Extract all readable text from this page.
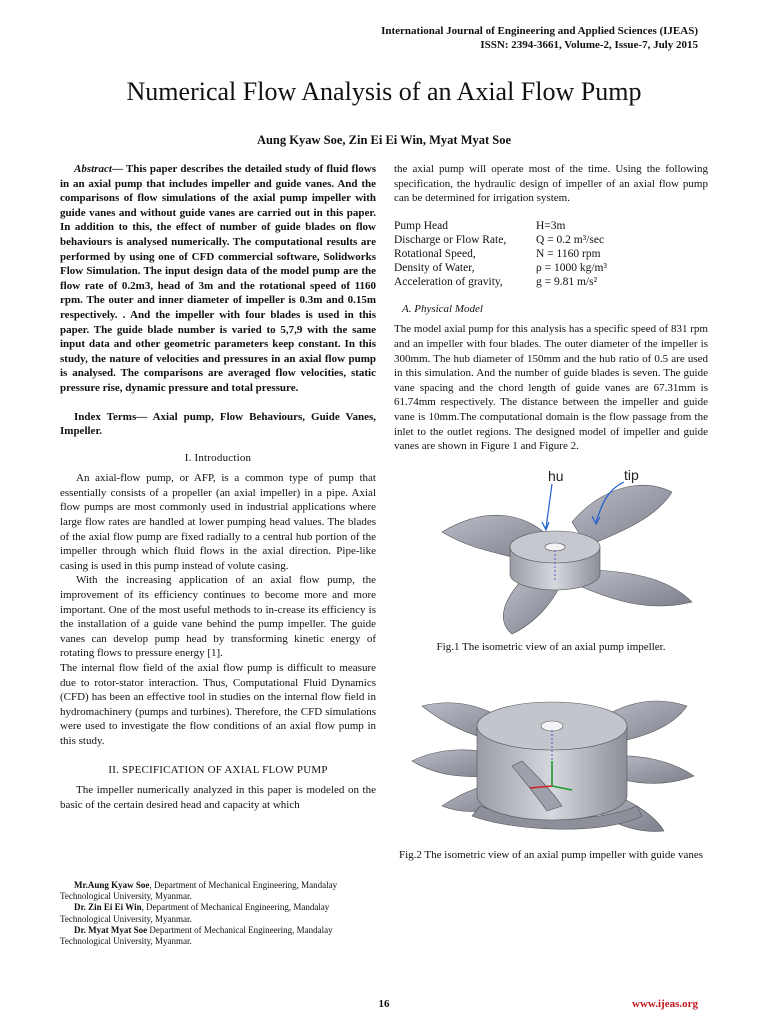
International Journal of Engineering and Applied Sciences (IJEAS)
ISSN: 2394-3661, Volume-2, Issue-7, July 2015
Numerical Flow Analysis of an Axial Flow Pump
Aung Kyaw Soe, Zin Ei Ei Win, Myat Myat Soe

Abstract— This paper describes the detailed study of fluid flows in an axial pump that includes impeller and guide vanes. And the comparisons of flow simulations of the axial pump impeller with guide vanes and without guide vanes are carried out in this paper. In addition to this, the effect of number of guide blades on flow behaviours is analysed numerically. The computational results are performed by using one of CFD commercial software, Solidworks Flow Simulation. The input design data of the model pump are the flow rate of 0.2m3, head of 3m and the rotational speed of 1160 rpm. The outer and inner diameter of impeller is 0.3m and 0.15m respectively. . And the impeller with four blades is used in this paper. The guide blade number is varied to 5,7,9 with the same input data and other geometric parameters keep constant. In this study, the nature of velocities and pressures in an axial flow pump is analysed. The comparisons are averaged flow velocities, static pressure rise, dynamic pressure and total pressure.

Index Terms— Axial pump, Flow Behaviours, Guide Vanes, Impeller.

I. Introduction

An axial-flow pump, or AFP, is a common type of pump that essentially consists of a propeller (an axial impeller) in a pipe. Axial flow pumps are most commonly used in industrial applications where large flow rates are handled at lower pumping head values. The blades of the axial flow pump are fixed radially to a central hub portion of the impeller through which fluid flows in the axial direction. Pipe-like casing is used in this pump instead of volute casing.

With the increasing application of an axial flow pump, the improvement of its efficiency continues to become more and more important. One of the most useful methods to in-crease its efficiency is the installation of a guide vane behind the pump impeller. The guide vanes can develop pump head by transforming kinetic energy of rotating flows to pressure energy [1].

The internal flow field of the axial flow pump is difficult to measure due to rotor-stator interaction. Thus, Computational Fluid Dynamics (CFD) has been an effective tool in studies on the internal flow field in hydromachinery (pumps and turbines). Therefore, the CFD simulations were used to investigate the flow conditions of an axial flow pump in this study.

II. SPECIFICATION OF AXIAL FLOW PUMP

The impeller numerically analyzed in this paper is modeled on the basic of the certain desired head and capacity at which

Mr.Aung Kyaw Soe, Department of Mechanical Engineering, Mandalay Technological University, Myanmar.

Dr. Zin Ei Ei Win, Department of Mechanical Engineering, Mandalay Technological University, Myanmar.

Dr. Myat Myat Soe Department of Mechanical Engineering, Mandalay Technological University, Myanmar.

the axial pump will operate most of the time. Using the following specification, the hydraulic design of impeller of an axial flow pump can be determined for irrigation system.

Pump Head	H=3m
Discharge or Flow Rate,	Q = 0.2 m³/sec
Rotational Speed,	N = 1160 rpm
Density of Water,	ρ = 1000 kg/m³
Acceleration of gravity,	g = 9.81 m/s²
A. Physical Model

The model axial pump for this analysis has a specific speed of 831 rpm and an impeller with four blades. The outer diameter of the impeller is 300mm. The hub diameter of 150mm and the hub ratio of 0.5 are used in this simulation. And the number of guide blades is seven. The guide vane spacing and the chord length of guide vanes are 67.31mm is 61.74mm respectively. The distance between the impeller and guide vane is 10mm.The computational domain is the flow passage from the inlet to the outlet regions. The designed model of impeller and guide vanes are shown in Figure 1 and Figure 2.

hu	tip
Fig.1 The isometric view of an axial pump impeller.
Fig.2 The isometric view of an axial pump impeller with guide vanes
16	www.ijeas.org
